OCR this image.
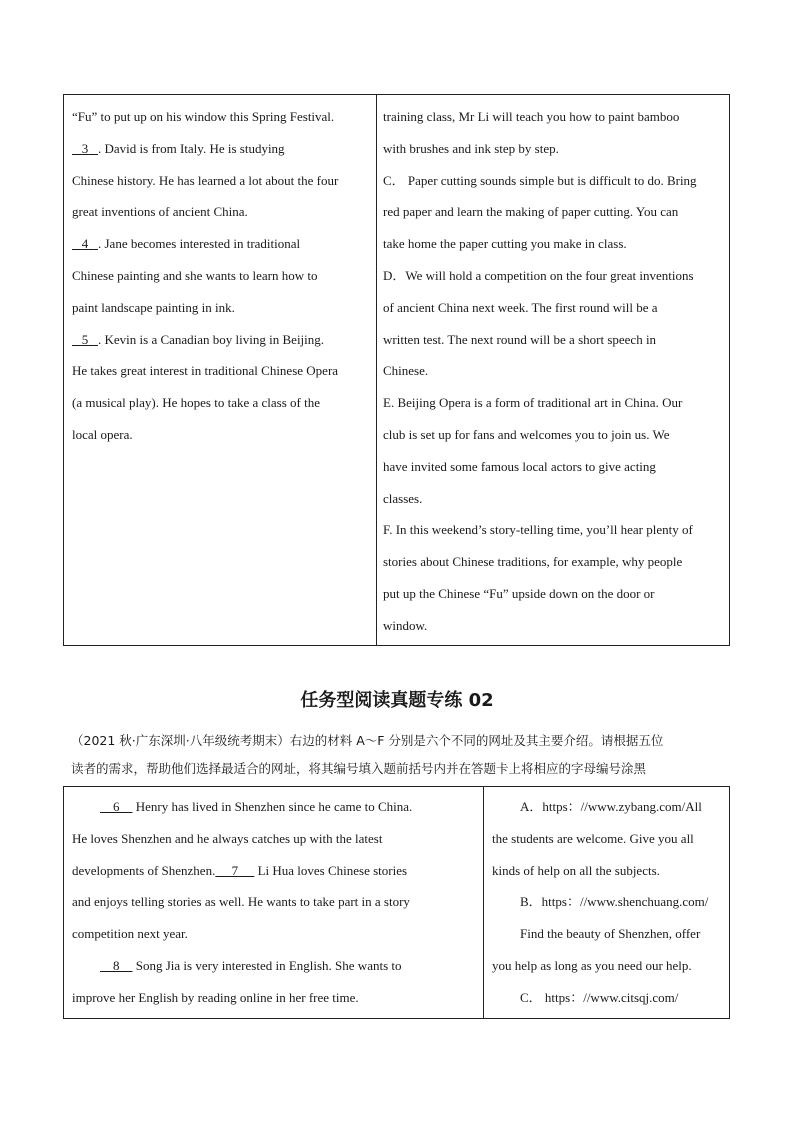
“Fu” to put up on his window this Spring Festival.
3 . David is from Italy. He is studying
Chinese history. He has learned a lot about the four
great inventions of ancient China.
4 . Jane becomes interested in traditional
Chinese painting and she wants to learn how to
paint landscape painting in ink.
5 . Kevin is a Canadian boy living in Beijing.
He takes great interest in traditional Chinese Opera
(a musical play). He hopes to take a class of the
local opera.
training class, Mr Li will teach you how to paint bamboo
with brushes and ink step by step.
C． Paper cutting sounds simple but is difficult to do. Bring
red paper and learn the making of paper cutting. You can
take home the paper cutting you make in class.
D．We will hold a competition on the four great inventions
of ancient China next week. The first round will be a
written test. The next round will be a short speech in
Chinese.
E. Beijing Opera is a form of traditional art in China. Our
club is set up for fans and welcomes you to join us. We
have invited some famous local actors to give acting
classes.
F. In this weekend’s story-telling time, you’ll hear plenty of
stories about Chinese traditions, for example, why people
put up the Chinese “Fu” upside down on the door or
window.
任务型阅读真题专练 02
（2021 秋·广东深圳·八年级统考期末）右边的材料 A～F 分别是六个不同的网址及其主要介绍。请根据五位
读者的需求，帮助他们选择最适合的网址，将其编号填入题前括号内并在答题卡上将相应的字母编号涂黑
6     Henry has lived in Shenzhen since he came to China.
He loves Shenzhen and he always catches up with the latest
developments of Shenzhen. 7      Li Hua loves Chinese stories
and enjoys telling stories as well. He wants to take part in a story
competition next year.
8     Song Jia is very interested in English. She wants to
improve her English by reading online in her free time.
A．https：//www.zybang.com/All
the students are welcome. Give you all
kinds of help on all the subjects.
B．https：//www.shenchuang.com/
Find the beauty of Shenzhen, offer
you help as long as you need our help.
C． https：//www.citsqj.com/
